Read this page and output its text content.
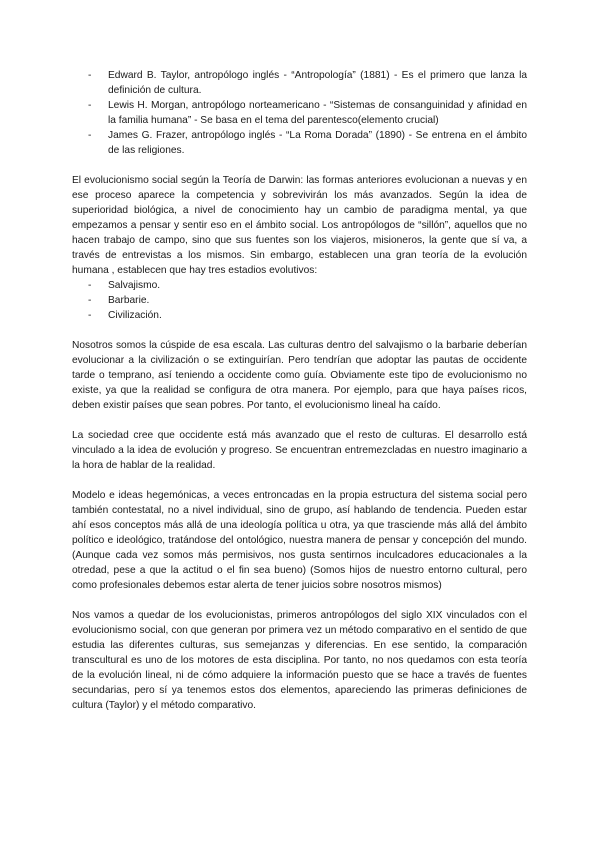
- Edward B. Taylor, antropólogo inglés - “Antropología” (1881) - Es el primero que lanza la definición de cultura.
- Lewis H. Morgan, antropólogo norteamericano - “Sistemas de consanguinidad y afinidad en la familia humana” - Se basa en el tema del parentesco(elemento crucial)
- James G. Frazer, antropólogo inglés - “La Roma Dorada” (1890) - Se entrena en el ámbito de las religiones.

El evolucionismo social según la Teoría de Darwin: las formas anteriores evolucionan a nuevas y en ese proceso aparece la competencia y sobrevivirán los más avanzados. Según la idea de superioridad biológica, a nivel de conocimiento hay un cambio de paradigma mental, ya que empezamos a pensar y sentir eso en el ámbito social. Los antropólogos de “sillón”, aquellos que no hacen trabajo de campo, sino que sus fuentes son los viajeros, misioneros, la gente que sí va, a través de entrevistas a los mismos. Sin embargo, establecen una gran teoría de la evolución humana , establecen que hay tres estadios evolutivos:

- Salvajismo.
- Barbarie.
- Civilización.

Nosotros somos la cúspide de esa escala. Las culturas dentro del salvajismo o la barbarie deberían evolucionar a la civilización o se extinguirían. Pero tendrían que adoptar las pautas de occidente tarde o temprano, así teniendo a occidente como guía. Obviamente este tipo de evolucionismo no existe, ya que la realidad se configura de otra manera. Por ejemplo, para que haya países ricos, deben existir países que sean pobres. Por tanto, el evolucionismo lineal ha caído.

La sociedad cree que occidente está más avanzado que el resto de culturas. El desarrollo está vinculado a la idea de evolución y progreso. Se encuentran entremezcladas en nuestro imaginario a la hora de hablar de la realidad.

Modelo e ideas hegemónicas, a veces entroncadas en la propia estructura del sistema social pero también contestatal, no a nivel individual, sino de grupo, así hablando de tendencia. Pueden estar ahí esos conceptos más allá de una ideología política u otra, ya que trasciende más allá del ámbito político e ideológico, tratándose del ontológico, nuestra manera de pensar y concepción del mundo. (Aunque cada vez somos más permisivos, nos gusta sentirnos inculcadores educacionales a la otredad, pese a que la actitud o el fin sea bueno) (Somos hijos de nuestro entorno cultural, pero como profesionales debemos estar alerta de tener juicios sobre nosotros mismos)

Nos vamos a quedar de los evolucionistas, primeros antropólogos del siglo XIX vinculados con el evolucionismo social, con que generan por primera vez un método comparativo en el sentido de que estudia las diferentes culturas, sus semejanzas y diferencias. En ese sentido, la comparación transcultural es uno de los motores de esta disciplina. Por tanto, no nos quedamos con esta teoría de la evolución lineal, ni de cómo adquiere la información puesto que se hace a través de fuentes secundarias, pero sí ya tenemos estos dos elementos, apareciendo las primeras definiciones de cultura (Taylor) y el método comparativo.
